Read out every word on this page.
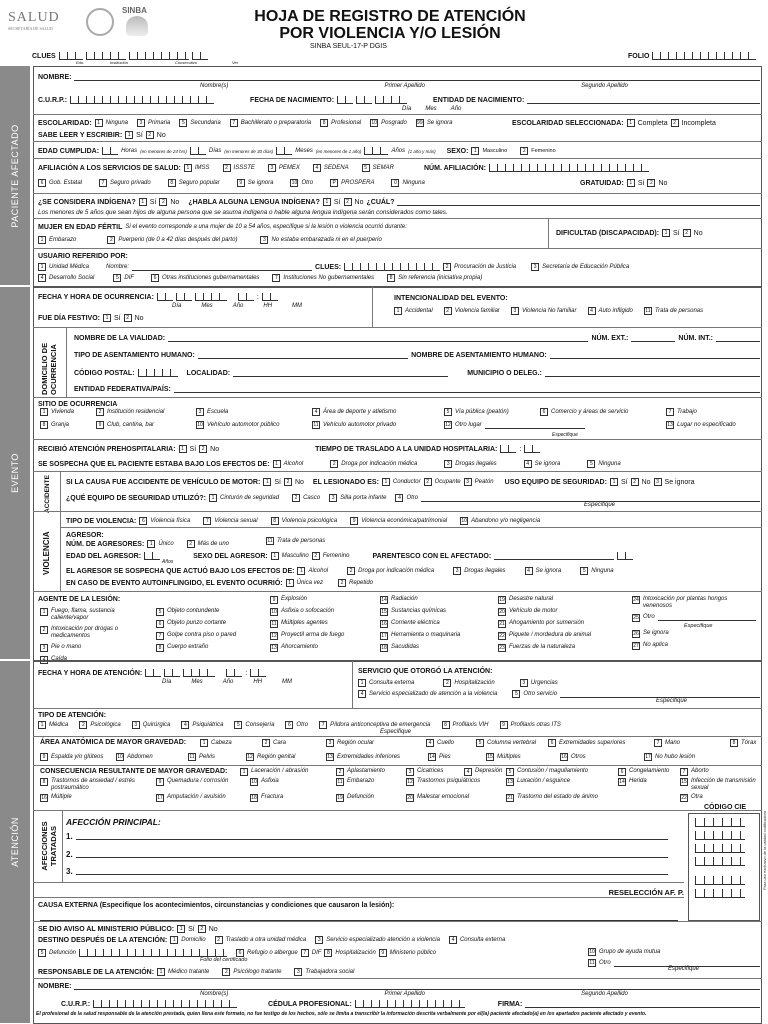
SALUD
SECRETARÍA DE SALUD
SINBA	HOJA DE REGISTRO DE ATENCIÓN
POR VIOLENCIA Y/O LESIÓN
SINBA SEUL-17-P DGIS
CLUES
Edo.	Institución	Consecutivo	Ver
FOLIO
PACIENTE AFECTADO
EVENTO
ATENCIÓN
NOMBRE:
Nombre(s)	Primer Apellido	Segundo Apellido
C.U.R.P.:	FECHA DE NACIMIENTO:	ENTIDAD DE NACIMIENTO:
Día Mes Año
ESCOLARIDAD:	1 Ninguna	3 Primaria	5 Secundaria	7 Bachillerato o preparatoria	8 Profesional 10 Posgrado 99 Se ignora	ESCOLARIDAD SELECCIONADA:	1 Completa	2 Incompleta
SABE LEER Y ESCRIBIR:	1 Sí	2 No
EDAD CUMPLIDA:	Horas (en menores de 24 hrs)	Días (en menores de 30 días)	Meses (en menores de 1 año)	Años (1 año y más) SEXO:	1	Masculino	2	Femenino
AFILIACIÓN A LOS SERVICIOS DE SALUD:	1 IMSS	2 ISSSTE	3 PEMEX	4 SEDENA	5 SEMAR	NÚM. AFILIACIÓN:
6 Gob. Estatal	7 Seguro privado	8 Seguro popular	9 Se ignora	10 Otro	P PROSPERA	0 Ninguna	GRATUIDAD:	1 Sí	2 No
¿SE CONSIDERA INDÍGENA?	1 Sí	2 No ¿HABLA ALGUNA LENGUA INDÍGENA?	1 Sí	2 No ¿CUÁL?
Los menores de 5 años que sean hijos de alguna persona que se asuma indígena o hable alguna lengua indígena serán considerados como tales.
MUJER EN EDAD FÉRTIL Si el evento corresponde a una mujer de 10 a 54 años, especifique si la lesión o violencia ocurrió durante:
1 Embarazo	2 Puerperio (de 0 a 42 días después del parto)	3 No estaba embarazada ni en el puerperio
DIFICULTAD (DISCAPACIDAD):	1 Sí	2 No
USUARIO REFERIDO POR:
1 Unidad Médica	Nombre:	CLUES:	2 Procuración de Justicia	3 Secretaría de Educación Pública
4 Desarrollo Social	5 DIF	6 Otras instituciones gubernamentales	7 Instituciones No gubernamentales	8 Sin referencia (iniciativa propia)
FECHA Y HORA DE OCURRENCIA:	:
Día	Mes	Año	HH	MM
FUE DÍA FESTIVO:	1 Sí	2 No
INTENCIONALIDAD DEL EVENTO:
1 Accidental	2 Violencia familiar	3 Violencia No familiar	4 Auto infligido 11 Trata de personas
DOMICILIO DE OCURRENCIA
NOMBRE DE LA VIALIDAD:	NÚM. EXT.:	NÚM. INT.:
TIPO DE ASENTAMIENTO HUMANO:	NOMBRE DE ASENTAMIENTO HUMANO:
CÓDIGO POSTAL:	LOCALIDAD:	MUNICIPIO O DELEG.:
ENTIDAD FEDERATIVA/PAÍS:
SITIO DE OCURRENCIA
1 Vivienda	2 Institución residencial	3 Escuela	4 Área de deporte y atletismo	5 Vía pública (peatón)	6 Comercio y áreas de servicio	7 Trabajo
8 Granja	9 Club, cantina, bar	10 Vehículo automotor público	11 Vehículo automotor privado	12 Otro lugar	13 Lugar no especificado
Especifique
RECIBIÓ ATENCIÓN PREHOSPITALARIA:	1 Sí	2 No	TIEMPO DE TRASLADO A LA UNIDAD HOSPITALARIA:	:
SE SOSPECHA QUE EL PACIENTE ESTABA BAJO LOS EFECTOS DE:	1 Alcohol	2 Droga por indicación médica	3 Drogas ilegales	4 Se ignora	5 Ninguna
ACCIDENTE SI LA CAUSA FUE ACCIDENTE DE VEHÍCULO DE MOTOR:	1 Sí	2 No EL LESIONADO ES:	1 Conductor	2 Ocupante	3 Peatón USO EQUIPO DE SEGURIDAD:	1 Sí	2 No	3 Se ignora
¿QUÉ EQUIPO DE SEGURIDAD UTILIZÓ?:	1 Cinturón de seguridad	2 Casco	3 Silla porta infante	4 Otro
Especifique
VIOLENCIA
TIPO DE VIOLENCIA:	6 Violencia física	7 Violencia sexual	8 Violencia psicológica	9 Violencia económica/patrimonial	10 Abandono y/o negligencia
AGRESOR:
NÚM. DE AGRESORES:	1 Único	2 Más de uno	11 Trata de personas
EDAD DEL AGRESOR:	SEXO DEL AGRESOR:	1 Masculino	2 Femenino	PARENTESCO CON EL AFECTADO:
Años
EL AGRESOR SE SOSPECHA QUE ACTUÓ BAJO LOS EFECTOS DE:	1 Alcohol	2 Droga por indicación médica	3 Drogas ilegales	4 Se ignora	5 Ninguna
EN CASO DE EVENTO AUTOINFLINGIDO, EL EVENTO OCURRIÓ:	1 Única vez	2 Repetido
AGENTE DE LA LESIÓN:
1 Fuego, flama, sustancia caliente/vapor
2 Intoxicación por drogas o medicamentos
3 Pie o mano
4 Caída
5 Objeto contundente
6 Objeto punzo cortante
7 Golpe contra piso o pared
8 Cuerpo extraño
9 Explosión
10 Asfixia o sofocación
11 Múltiples agentes
12 Proyectil arma de fuego
13 Ahorcamiento
14 Radiación
15 Sustancias químicas
16 Corriente eléctrica
17 Herramienta o maquinaria
18 Sacudidas
19 Desastre natural
20 Vehículo de motor
21 Ahogamiento por sumersión
22 Piquete / mordedura de animal
23 Fuerzas de la naturaleza
24 Intoxicación por plantas hongos venenosos
25 Otro
Especifique
26 Se ignora
27 No aplica
FECHA Y HORA DE ATENCIÓN:	:
Día	Mes	Año	HH	MM
SERVICIO QUE OTORGÓ LA ATENCIÓN:
1 Consulta externa	2 Hospitalización	3 Urgencias
4 Servicio especializado de atención a la violencia	5 Otro servicio
Especifique
TIPO DE ATENCIÓN:
1 Médica	2 Psicológica	3 Quirúrgica	4 Psiquiátrica	5 Consejería	6 Otro	7 Píldora anticonceptiva de emergencia	8 Profilaxis VIH	9 Profilaxis otras ITS
Especifique
ÁREA ANATÓMICA DE MAYOR GRAVEDAD:	1 Cabeza	2 Cara	3 Región ocular	4 Cuello	5 Columna vertebral	6 Extremidades superiores	7 Mano	8 Tórax
9 Espalda y/o glúteos	10 Abdomen	11 Pelvis	12 Región genital	13 Extremidades inferiores	14 Pies	15 Múltiples	16 Otros	17 No hubo lesión
CONSECUENCIA RESULTANTE DE MAYOR GRAVEDAD:	1 Laceración / abrasión	2 Aplastamiento	3 Cicatrices	4 Depresión	5 Contusión / magullamiento	6 Congelamiento	7 Aborto
8 Trastornos de ansiedad / estrés postraumático
9 Quemadura / corrosión	10 Asfixia	11 Embarazo	12 Trastornos psiquiátricos	13 Luxación / esguince	14 Herida	15 Infección de transmisión sexual
16 Múltiple	17 Amputación / avulsión	18 Fractura	19 Defunción	20 Malestar emocional	21 Trastorno del estado de ánimo	22 Otra
AFECCIONES TRATADAS
AFECCIÓN PRINCIPAL:
1.
2.
3.
CÓDIGO CIE
Para uso exclusivo de la unidad codificadora
RESELECCIÓN AF. P.
CAUSA EXTERNA (Especifique los acontecimientos, circunstancias y condiciones que causaron la lesión):
SE DIO AVISO AL MINISTERIO PÚBLICO:	1 Sí	2 No
DESTINO DESPUÉS DE LA ATENCIÓN:	1 Domicilio	2 Traslado a otra unidad médica	3 Servicio especializado atención a violencia	4 Consulta externa
5 Defunción	6 Refugio o albergue	7 DIF	8 Hospitalización	9 Ministerio público	10 Grupo de ayuda mutua
11 Otro
Folio del certificado
Especifique
RESPONSABLE DE LA ATENCIÓN:	1 Médico tratante	2 Psicólogo tratante	3 Trabajadora social
NOMBRE:
Nombre(s)	Primer Apellido	Segundo Apellido
C.U.R.P.:	CÉDULA PROFESIONAL:	FIRMA:
El profesional de la salud responsable de la atención prestada, quien llena este formato, no fue testigo de los hechos, sólo se limita a transcribir la información descrita verbalmente por el(la) paciente afectado(a) en los apartados paciente afectado y evento.
